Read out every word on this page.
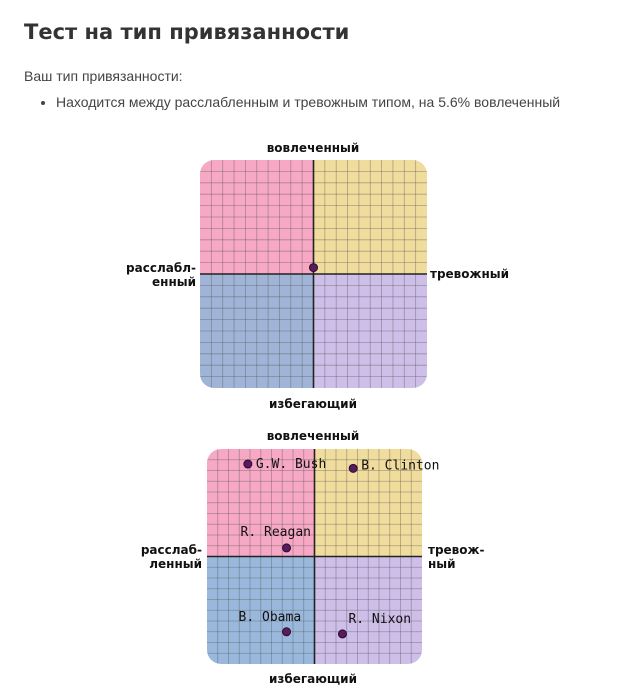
Тест на тип привязанности

Ваш тип привязанности:

• Находится между расслабленным и тревожным типом, на 5.6% вовлеченный
вовлеченный
избегающий
расслабл-
енный
тревожный
вовлеченный
избегающий
расслаб-
ленный
тревож-
ный
G.W. Bush	B. Clinton
R. Reagan
B. Obama	R. Nixon
